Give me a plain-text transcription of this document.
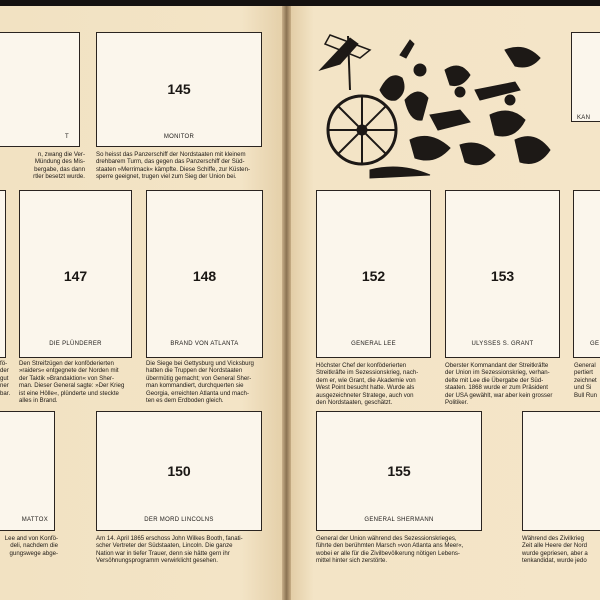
T
145
MONITOR
n, zwang die Ver-
Mündung des Mis-
bergabe, das dann
rtler besetzt wurde.
So heisst das Panzerschiff der Nordstaaten mit kleinem
drehbarem Turm, das gegen das Panzerschiff der Süd-
staaten »Merrimack« kämpfte. Diese Schiffe, zur Küsten-
sperre geeignet, trugen viel zum Sieg der Union bei.
147
DIE PLÜNDERER
148
BRAND VON ATLANTA
fö-
der
gut
ner
bar.
Den Streifzügen der konföderierten
»raiders« entgegnete der Norden mit
der Taktik »Brandaktion« von Sher-
man. Dieser General sagte: »Der Krieg
ist eine Hölle«, plünderte und steckte
alles in Brand.
Die Siege bei Gettysburg und Vicksburg
hatten die Truppen der Nordstaaten
übermütig gemacht; von General Sher-
man kommandiert, durchquerten sie
Georgia, erreichten Atlanta und mach-
ten es dem Erdboden gleich.
MATTOX
150
DER MORD LINCOLNS
Lee and von Konfö-
deli, nachdem die
gungswege abge-
Am 14. April 1865 erschoss John Wilkes Booth, fanati-
scher Vertreter der Südstaaten, Lincoln. Die ganze
Nation war in tiefer Trauer, denn sie hätte gern ihr
Versöhnungsprogramm verwirklicht gesehen.
KAN
152
GENERAL LEE
153
ULYSSES S. GRANT	GE
Höchster Chef der konföderierten
Streitkräfte im Sezessionskrieg, nach-
dem er, wie Grant, die Akademie von
West Point besucht hatte. Wurde als
ausgezeichneter Stratege, auch von
den Nordstaaten, geschätzt.
Oberster Kommandant der Streitkräfte
der Union im Sezessionskrieg, verhan-
delte mit Lee die Übergabe der Süd-
staaten. 1868 wurde er zum Präsident
der USA gewählt, war aber kein grosser
Politiker.
General
pertiert
zeichnet
und Si
Bull Run
155
GENERAL SHERMANN
General der Union während des Sezessionskrieges,
führte den berühmten Marsch »von Atlanta ans Meer«,
wobei er alle für die Zivilbevölkerung nötigen Lebens-
mittel hinter sich zerstörte.
Während des Zivilkrieg
Zeit alle Heere der Nord
wurde gepriesen, aber a
tenkandidat, wurde jedo
